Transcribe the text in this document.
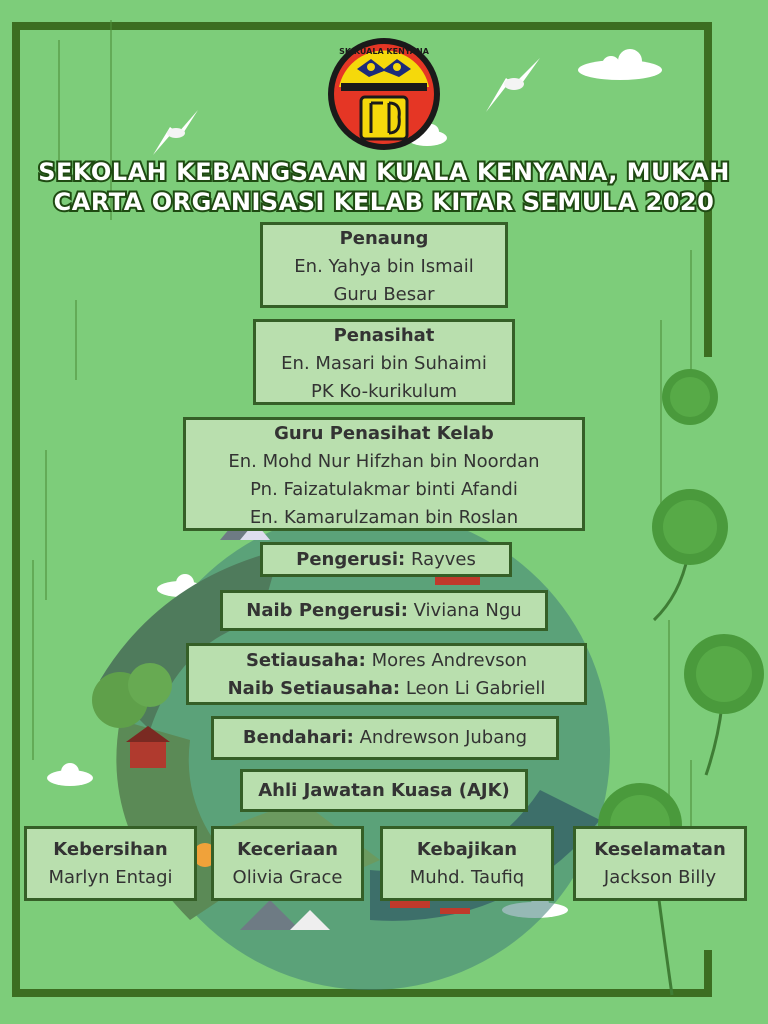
SK KUALA KENYANA
SEKOLAH KEBANGSAAN KUALA KENYANA, MUKAH
CARTA ORGANISASI KELAB KITAR SEMULA 2020
Penaung
En. Yahya bin Ismail
Guru Besar
Penasihat
En. Masari bin Suhaimi
PK Ko-kurikulum
Guru Penasihat Kelab
En. Mohd Nur Hifzhan bin Noordan
Pn. Faizatulakmar binti Afandi
En. Kamarulzaman bin Roslan
Pengerusi: Rayves
Naib Pengerusi: Viviana Ngu
Setiausaha: Mores Andrevson
Naib Setiausaha: Leon Li Gabriell
Bendahari: Andrewson Jubang
Ahli Jawatan Kuasa (AJK)
Kebersihan
Marlyn Entagi
Keceriaan
Olivia Grace
Kebajikan
Muhd. Taufiq
Keselamatan
Jackson Billy
